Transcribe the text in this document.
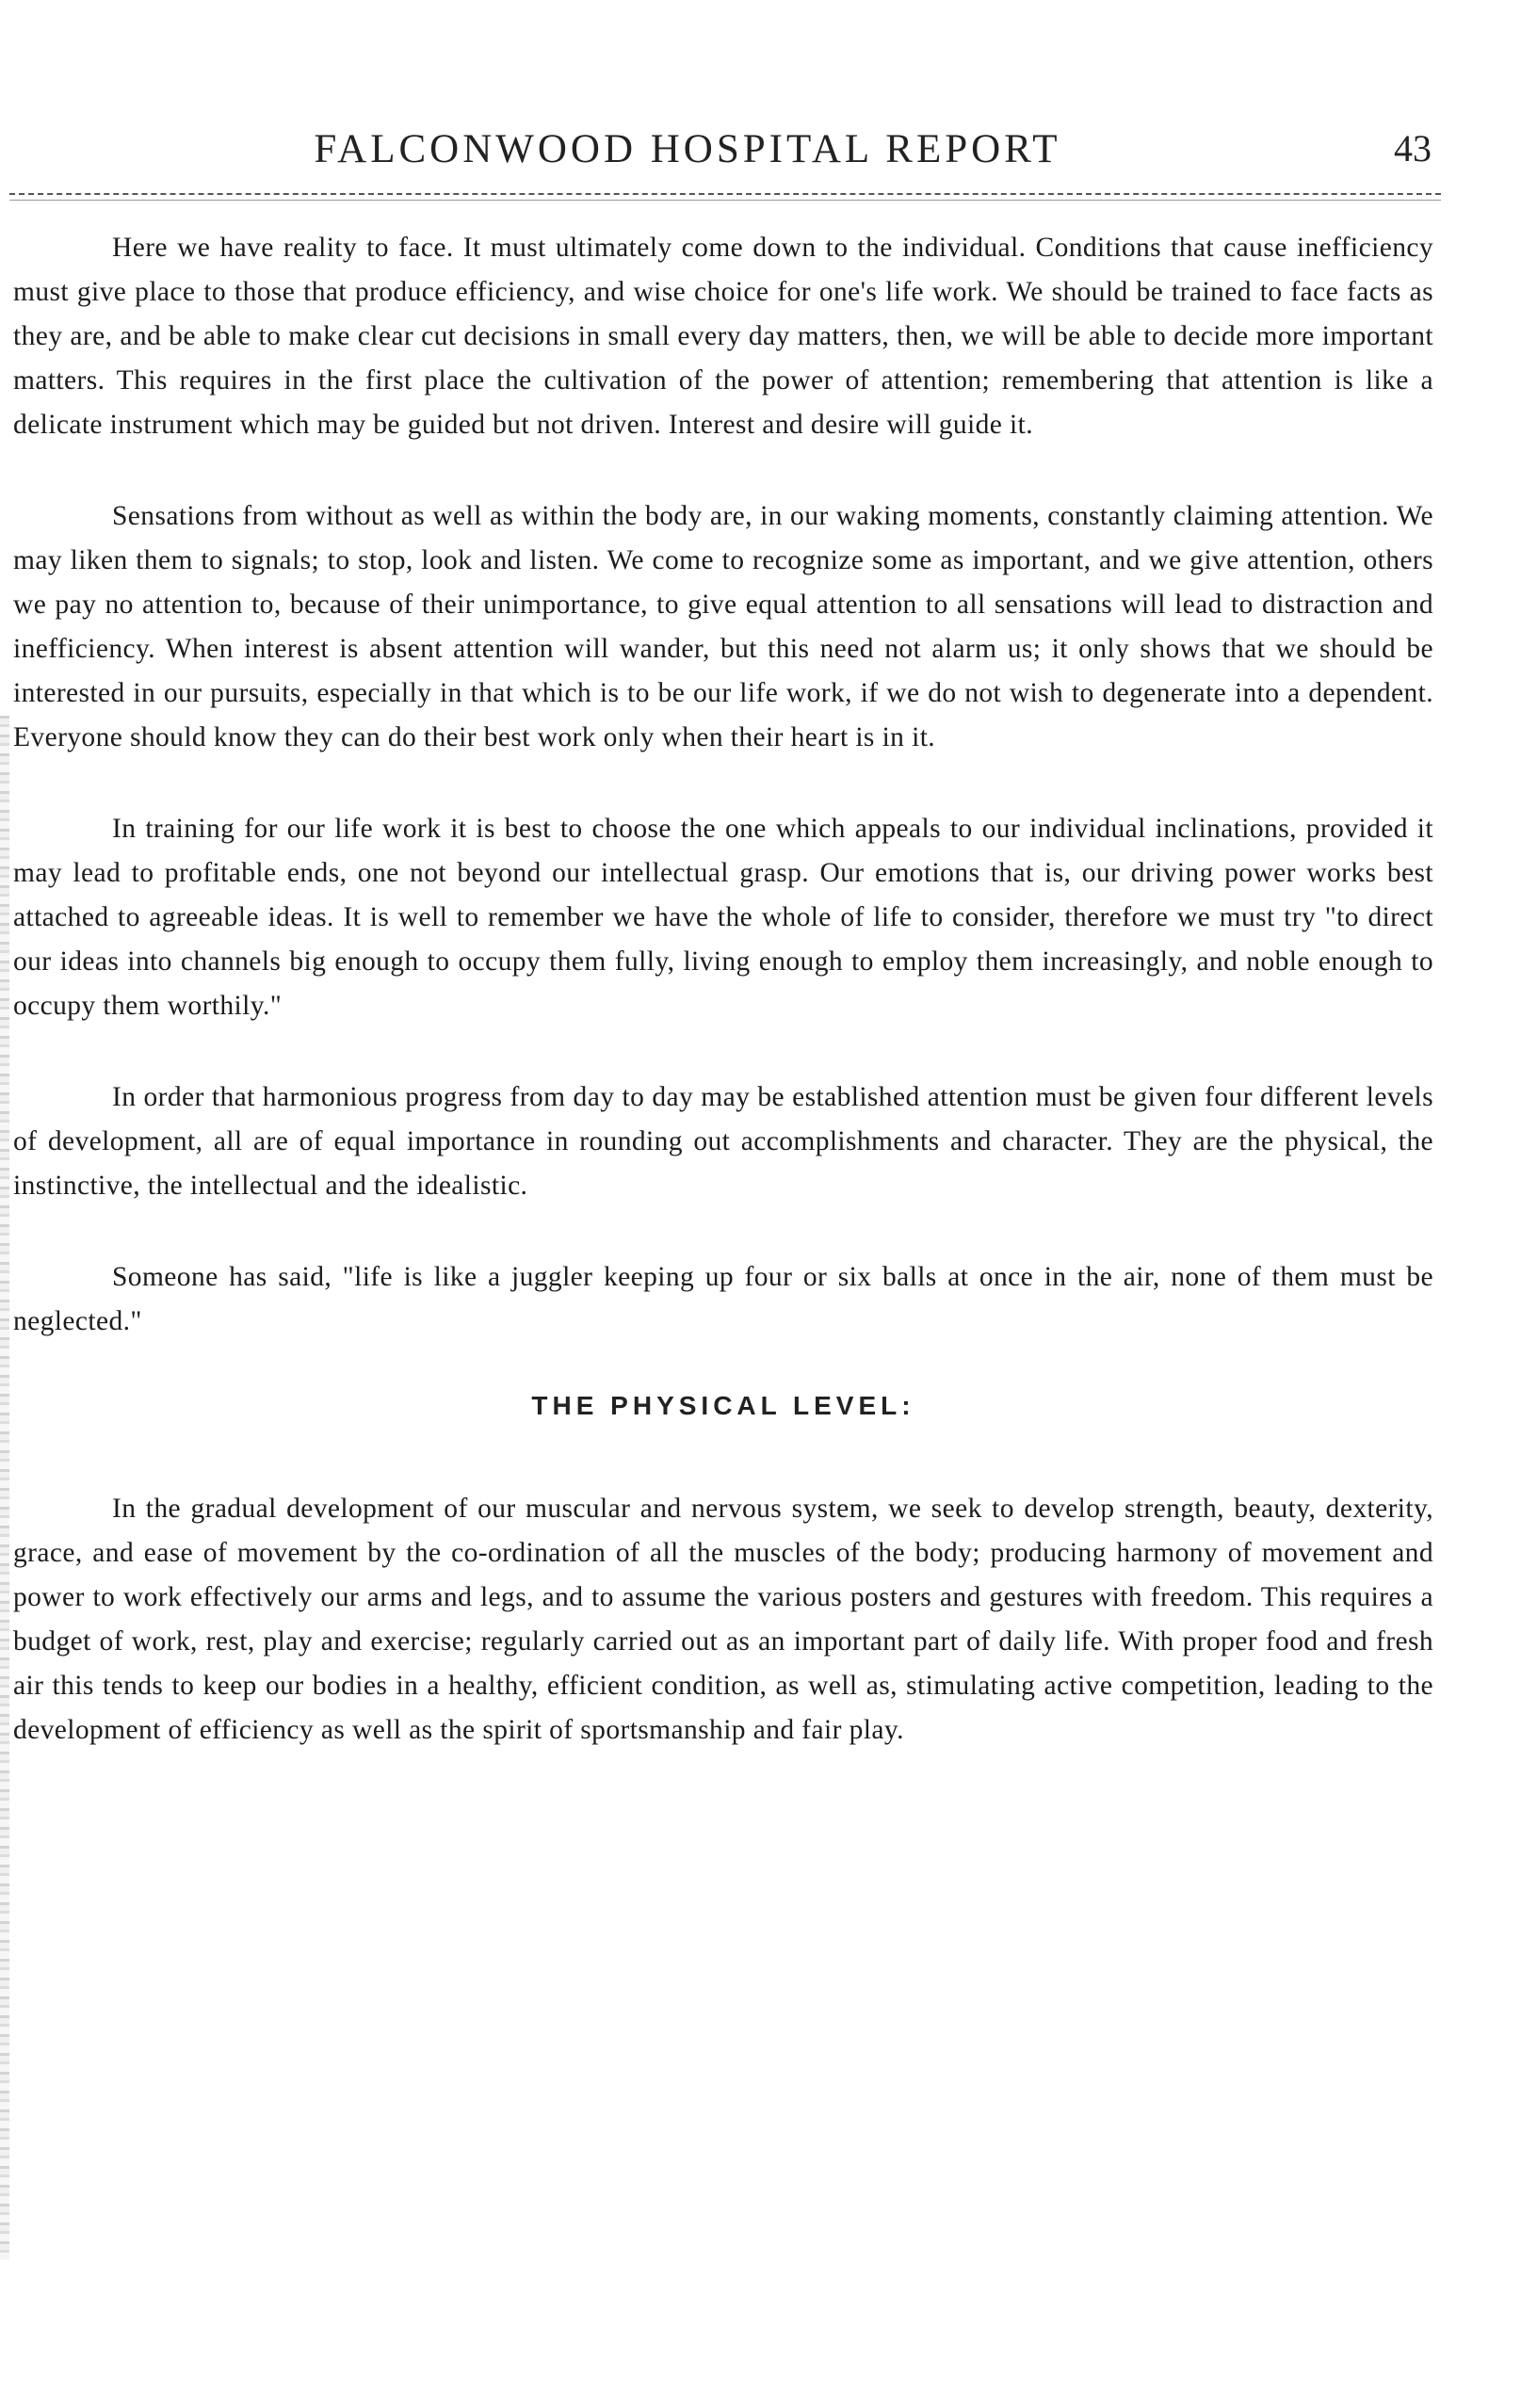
FALCONWOOD HOSPITAL REPORT	43

Here we have reality to face. It must ultimately come down to the individual. Conditions that cause inefficiency must give place to those that produce efficiency, and wise choice for one's life work. We should be trained to face facts as they are, and be able to make clear cut decisions in small every day matters, then, we will be able to decide more important matters. This requires in the first place the cultivation of the power of attention; remembering that attention is like a delicate instrument which may be guided but not driven. Interest and desire will guide it.

Sensations from without as well as within the body are, in our waking moments, constantly claiming attention. We may liken them to signals; to stop, look and listen. We come to recognize some as important, and we give attention, others we pay no attention to, because of their unimportance, to give equal attention to all sensations will lead to distraction and inefficiency. When interest is absent attention will wander, but this need not alarm us; it only shows that we should be interested in our pursuits, especially in that which is to be our life work, if we do not wish to degenerate into a dependent. Everyone should know they can do their best work only when their heart is in it.

In training for our life work it is best to choose the one which appeals to our individual inclinations, provided it may lead to profitable ends, one not beyond our intellectual grasp. Our emotions that is, our driving power works best attached to agreeable ideas. It is well to remember we have the whole of life to consider, therefore we must try "to direct our ideas into channels big enough to occupy them fully, living enough to employ them increasingly, and noble enough to occupy them worthily."

In order that harmonious progress from day to day may be established attention must be given four different levels of development, all are of equal importance in rounding out accomplishments and character. They are the physical, the instinctive, the intellectual and the idealistic.

Someone has said, "life is like a juggler keeping up four or six balls at once in the air, none of them must be neglected."

THE PHYSICAL LEVEL:

In the gradual development of our muscular and nervous system, we seek to develop strength, beauty, dexterity, grace, and ease of movement by the co-ordination of all the muscles of the body; producing harmony of movement and power to work effectively our arms and legs, and to assume the various posters and gestures with freedom. This requires a budget of work, rest, play and exercise; regularly carried out as an important part of daily life. With proper food and fresh air this tends to keep our bodies in a healthy, efficient condition, as well as, stimulating active competition, leading to the development of efficiency as well as the spirit of sportsmanship and fair play.
